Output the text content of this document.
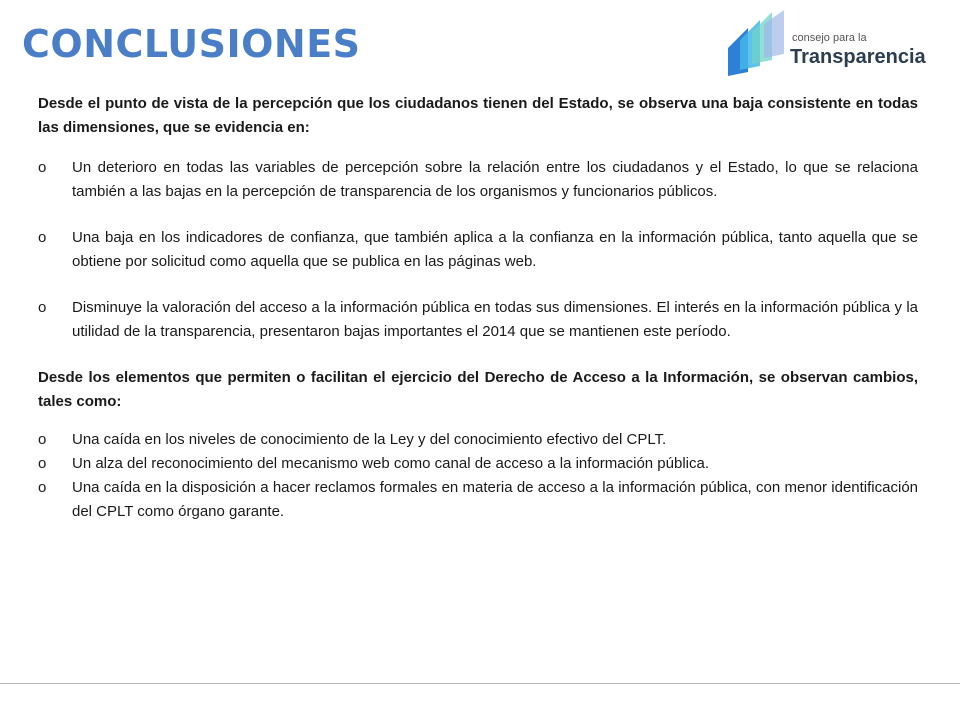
CONCLUSIONES	consejo para la
Transparencia

Desde el punto de vista de la percepción que los ciudadanos tienen del Estado, se observa una baja consistente en todas las dimensiones, que se evidencia en:

o Un deterioro en todas las variables de percepción sobre la relación entre los ciudadanos y el Estado, lo que se relaciona también a las bajas en la percepción de transparencia de los organismos y funcionarios públicos.
o Una baja en los indicadores de confianza, que también aplica a la confianza en la información pública, tanto aquella que se obtiene por solicitud como aquella que se publica en las páginas web.
o Disminuye la valoración del acceso a la información pública en todas sus dimensiones. El interés en la información pública y la utilidad de la transparencia, presentaron bajas importantes el 2014 que se mantienen este período.

Desde los elementos que permiten o facilitan el ejercicio del Derecho de Acceso a la Información, se observan cambios, tales como:

o Una caída en los niveles de conocimiento de la Ley y del conocimiento efectivo del CPLT.
o Un alza del reconocimiento del mecanismo web como canal de acceso a la información pública.
o Una caída en la disposición a hacer reclamos formales en materia de acceso a la información pública, con menor identificación del CPLT como órgano garante.
